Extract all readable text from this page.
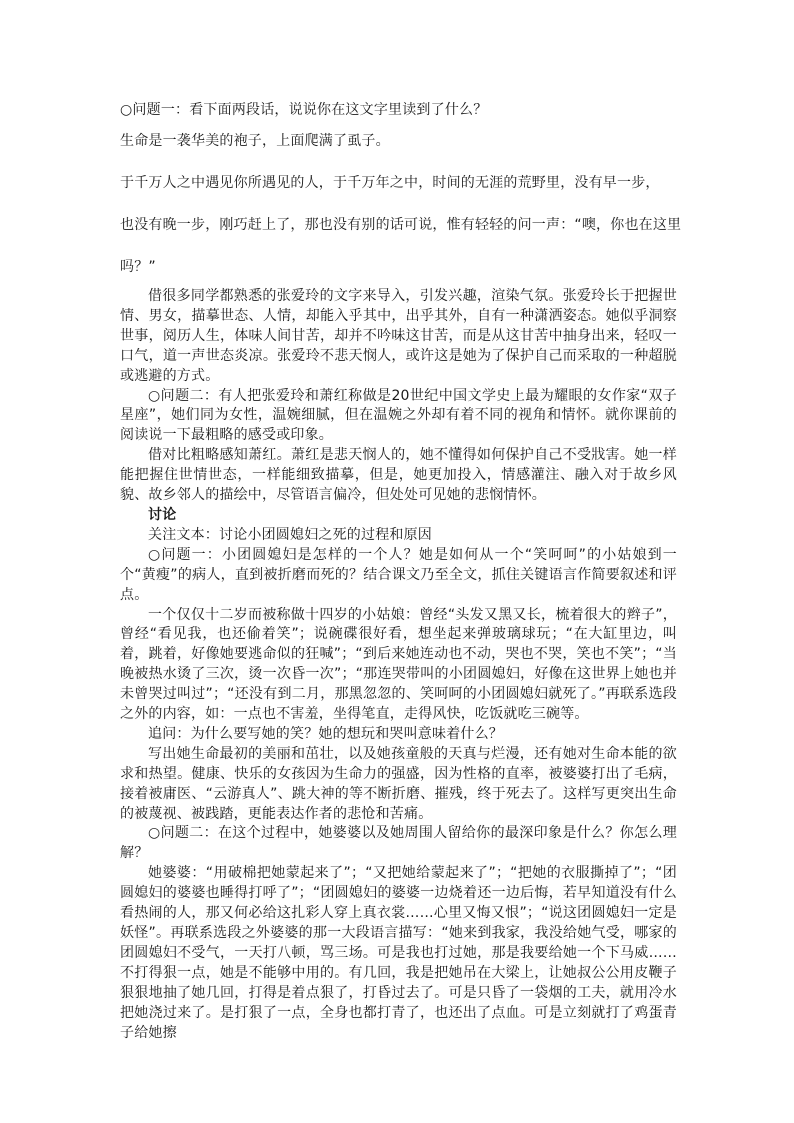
○问题一：看下面两段话，说说你在这文字里读到了什么？
生命是一袭华美的袍子，上面爬满了虱子。
于千万人之中遇见你所遇见的人，于千万年之中，时间的无涯的荒野里，没有早一步，
也没有晚一步，刚巧赶上了，那也没有别的话可说，惟有轻轻的问一声：“噢，你也在这里
吗？”

借很多同学都熟悉的张爱玲的文字来导入，引发兴趣，渲染气氛。张爱玲长于把握世情、男女，描摹世态、人情，却能入乎其中，出乎其外，自有一种潇洒姿态。她似乎洞察世事，阅历人生，体味人间甘苦，却并不吟味这甘苦，而是从这甘苦中抽身出来，轻叹一口气，道一声世态炎凉。张爱玲不悲天悯人，或许这是她为了保护自己而采取的一种超脱或逃避的方式。

○问题二：有人把张爱玲和萧红称做是20世纪中国文学史上最为耀眼的女作家“双子星座”，她们同为女性，温婉细腻，但在温婉之外却有着不同的视角和情怀。就你课前的阅读说一下最粗略的感受或印象。

借对比粗略感知萧红。萧红是悲天悯人的，她不懂得如何保护自己不受戕害。她一样能把握住世情世态，一样能细致描摹，但是，她更加投入，情感灌注、融入对于故乡风貌、故乡邻人的描绘中，尽管语言偏冷，但处处可见她的悲悯情怀。

讨论

关注文本：讨论小团圆媳妇之死的过程和原因

○问题一：小团圆媳妇是怎样的一个人？她是如何从一个“笑呵呵”的小姑娘到一个“黄瘦”的病人，直到被折磨而死的？结合课文乃至全文，抓住关键语言作简要叙述和评点。

一个仅仅十二岁而被称做十四岁的小姑娘：曾经“头发又黑又长，梳着很大的辫子”，曾经“看见我，也还偷着笑”；说碗碟很好看，想坐起来弹玻璃球玩；“在大缸里边，叫着，跳着，好像她要逃命似的狂喊”；“到后来她连动也不动，哭也不哭，笑也不笑”；“当晚被热水烫了三次，烫一次昏一次”；“那连哭带叫的小团圆媳妇，好像在这世界上她也并未曾哭过叫过”；“还没有到二月，那黑忽忽的、笑呵呵的小团圆媳妇就死了。”再联系选段之外的内容，如：一点也不害羞，坐得笔直，走得风快，吃饭就吃三碗等。

追问：为什么要写她的笑？她的想玩和哭叫意味着什么？

写出她生命最初的美丽和茁壮，以及她孩童般的天真与烂漫，还有她对生命本能的欲求和热望。健康、快乐的女孩因为生命力的强盛，因为性格的直率，被婆婆打出了毛病，接着被庸医、“云游真人”、跳大神的等不断折磨、摧残，终于死去了。这样写更突出生命的被蔑视、被践踏，更能表达作者的悲怆和苦痛。

○问题二：在这个过程中，她婆婆以及她周围人留给你的最深印象是什么？你怎么理解？

她婆婆：“用破棉把她蒙起来了”；“又把她给蒙起来了”；“把她的衣服撕掉了”；“团圆媳妇的婆婆也睡得打呼了”；“团圆媳妇的婆婆一边烧着还一边后悔，若早知道没有什么看热闹的人，那又何必给这扎彩人穿上真衣裳……心里又悔又恨”；“说这团圆媳妇一定是妖怪”。再联系选段之外婆婆的那一大段语言描写：“她来到我家，我没给她气受，哪家的团圆媳妇不受气，一天打八顿，骂三场。可是我也打过她，那是我要给她一个下马威……不打得狠一点，她是不能够中用的。有几回，我是把她吊在大梁上，让她叔公公用皮鞭子狠狠地抽了她几回，打得是着点狠了，打昏过去了。可是只昏了一袋烟的工夫，就用冷水把她浇过来了。是打狠了一点，全身也都打青了，也还出了点血。可是立刻就打了鸡蛋青子给她擦
